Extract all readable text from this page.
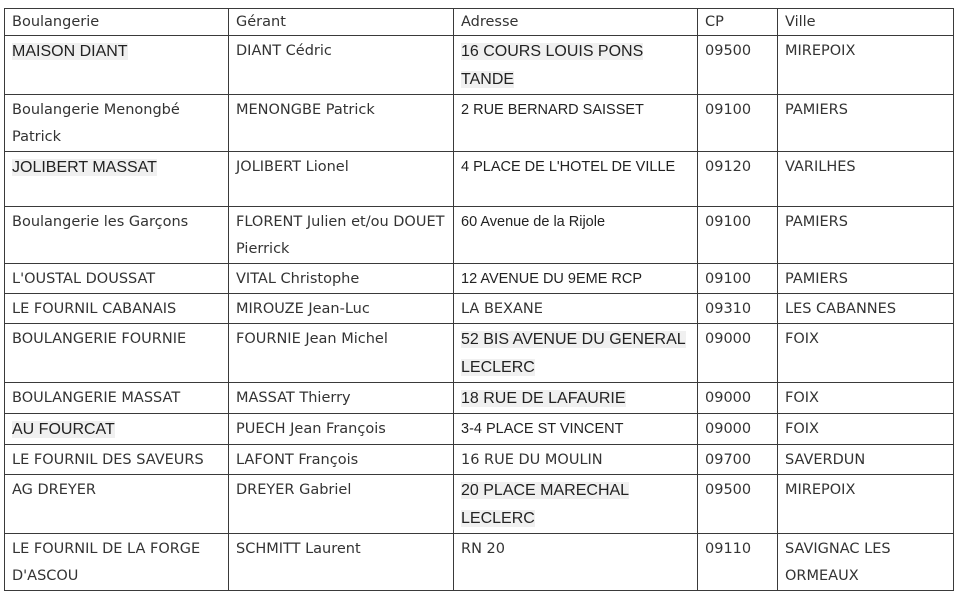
Boulangerie	Gérant	Adresse	CP	Ville
MAISON DIANT	DIANT Cédric	16 COURS LOUIS PONS TANDE	09500	MIREPOIX
Boulangerie Menongbé Patrick	MENONGBE Patrick	2 RUE BERNARD SAISSET	09100	PAMIERS
JOLIBERT MASSAT	JOLIBERT Lionel	4 PLACE DE L'HOTEL DE VILLE	09120	VARILHES
Boulangerie les Garçons	FLORENT Julien et/ou DOUET Pierrick	60 Avenue de la Rijole	09100	PAMIERS
L'OUSTAL DOUSSAT	VITAL Christophe	12 AVENUE DU 9EME RCP	09100	PAMIERS
LE FOURNIL CABANAIS	MIROUZE Jean-Luc	LA BEXANE	09310	LES CABANNES
BOULANGERIE FOURNIE	FOURNIE Jean Michel	52 BIS AVENUE DU GENERAL LECLERC	09000	FOIX
BOULANGERIE MASSAT	MASSAT Thierry	18 RUE DE LAFAURIE	09000	FOIX
AU FOURCAT	PUECH Jean François	3-4 PLACE ST VINCENT	09000	FOIX
LE FOURNIL DES SAVEURS	LAFONT François	16 RUE DU MOULIN	09700	SAVERDUN
AG DREYER	DREYER Gabriel	20 PLACE MARECHAL LECLERC	09500	MIREPOIX
LE FOURNIL DE LA FORGE D'ASCOU	SCHMITT Laurent	RN 20	09110	SAVIGNAC LES ORMEAUX
